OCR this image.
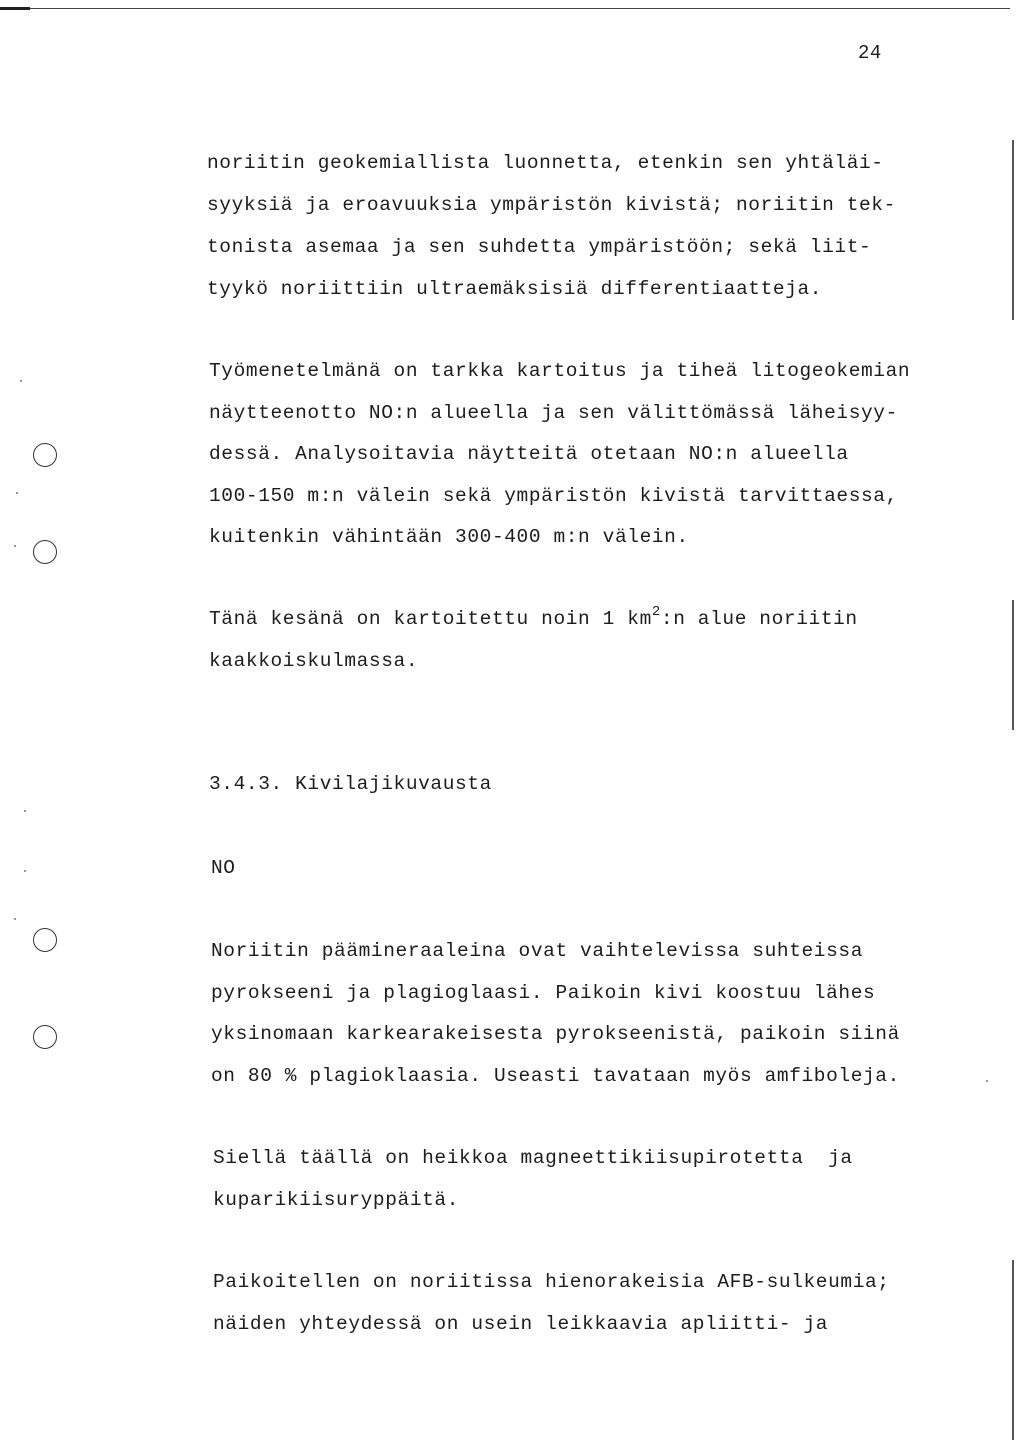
24

noriitin geokemiallista luonnetta, etenkin sen yhtäläi-

syyksiä ja eroavuuksia ympäristön kivistä; noriitin tek-

tonista asemaa ja sen suhdetta ympäristöön; sekä liit-

tyykö noriittiin ultraemäksisiä differentiaatteja.

Työmenetelmänä on tarkka kartoitus ja tiheä litogeokemian

näytteenotto NO:n alueella ja sen välittömässä läheisyy-

dessä. Analysoitavia näytteitä otetaan NO:n alueella

100-150 m:n välein sekä ympäristön kivistä tarvittaessa,

kuitenkin vähintään 300-400 m:n välein.

Tänä kesänä on kartoitettu noin 1 $km^2:n$ alue noriitin

kaakkoiskulmassa.

3.4.3. Kivilajikuvausta
NO

Noriitin päämineraaleina ovat vaihtelevissa suhteissa

pyrokseeni ja plagioglaasi. Paikoin kivi koostuu lähes

yksinomaan karkearakeisesta pyrokseenistä, paikoin siinä

on 80 % plagioklaasia. Useasti tavataan myös amfiboleja.

Siellä täällä on heikkoa magneettikiisupirotetta  ja

kuparikiisuryppäitä.

Paikoitellen on noriitissa hienorakeisia AFB-sulkeumia;

näiden yhteydessä on usein leikkaavia apliitti- ja
